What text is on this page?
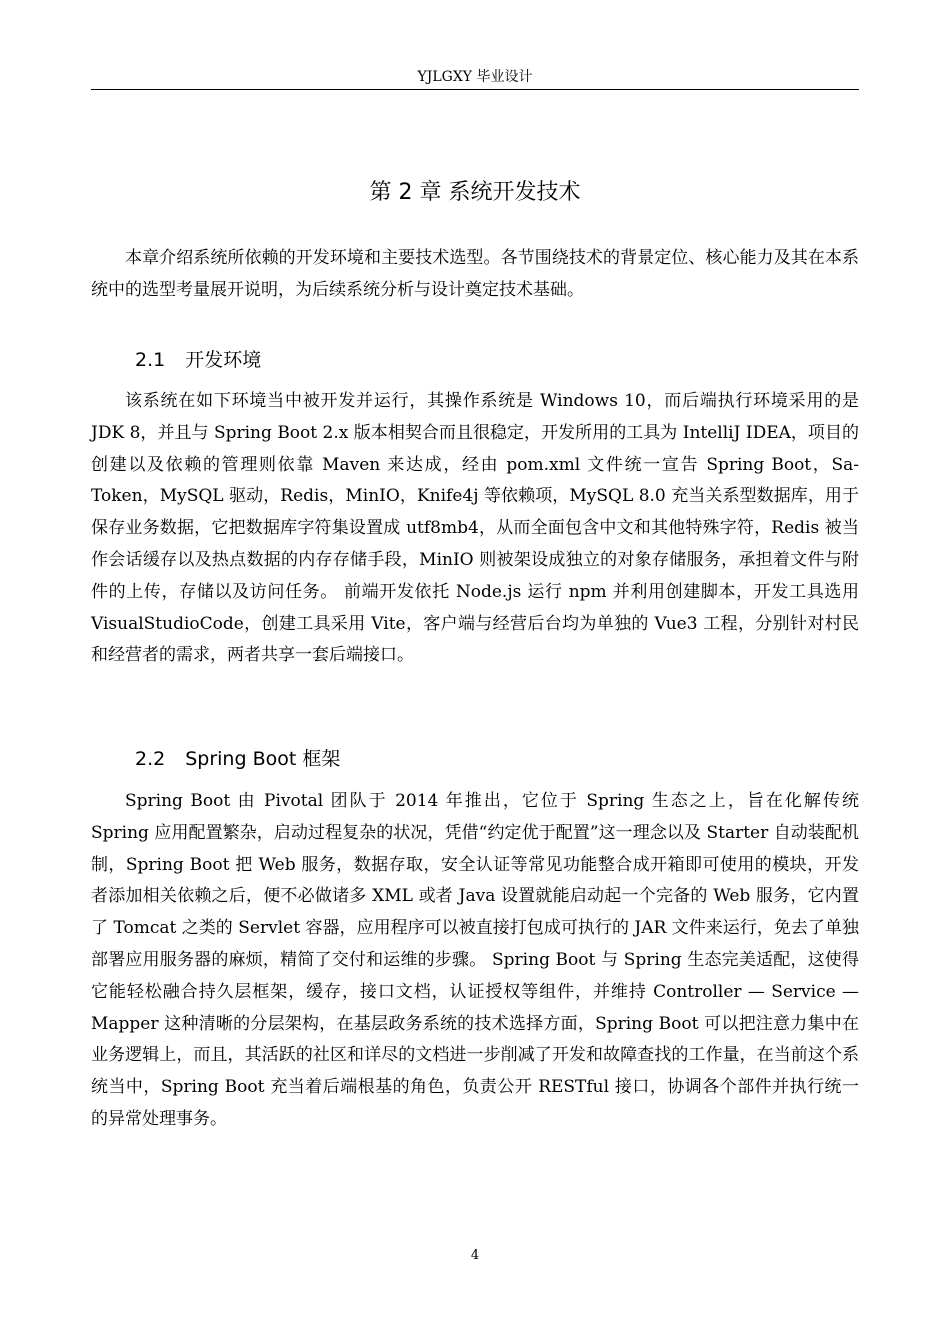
YJLGXY 毕业设计
第 2 章 系统开发技术

本章介绍系统所依赖的开发环境和主要技术选型。各节围绕技术的背景定位、核心能力及其在本系统中的选型考量展开说明，为后续系统分析与设计奠定技术基础。

2.1 开发环境

该系统在如下环境当中被开发并运行，其操作系统是 Windows 10，而后端执行环境采用的是 JDK 8，并且与 Spring Boot 2.x 版本相契合而且很稳定，开发所用的工具为 IntelliJ IDEA，项目的创建以及依赖的管理则依靠 Maven 来达成，经由 pom.xml 文件统一宣告 Spring Boot，Sa-Token，MySQL 驱动，Redis，MinIO，Knife4j 等依赖项，MySQL 8.0 充当关系型数据库，用于保存业务数据，它把数据库字符集设置成 utf8mb4，从而全面包含中文和其他特殊字符，Redis 被当作会话缓存以及热点数据的内存存储手段，MinIO 则被架设成独立的对象存储服务，承担着文件与附件的上传，存储以及访问任务。 前端开发依托 Node.js 运行 npm 并利用创建脚本，开发工具选用 VisualStudioCode，创建工具采用 Vite，客户端与经营后台均为单独的 Vue3 工程，分别针对村民和经营者的需求，两者共享一套后端接口。

2.2 Spring Boot 框架

Spring Boot 由 Pivotal 团队于 2014 年推出，它位于 Spring 生态之上，旨在化解传统 Spring 应用配置繁杂，启动过程复杂的状况，凭借“约定优于配置”这一理念以及 Starter 自动装配机制，Spring Boot 把 Web 服务，数据存取，安全认证等常见功能整合成开箱即可使用的模块，开发者添加相关依赖之后，便不必做诸多 XML 或者 Java 设置就能启动起一个完备的 Web 服务，它内置了 Tomcat 之类的 Servlet 容器，应用程序可以被直接打包成可执行的 JAR 文件来运行，免去了单独部署应用服务器的麻烦，精简了交付和运维的步骤。 Spring Boot 与 Spring 生态完美适配，这使得它能轻松融合持久层框架，缓存，接口文档，认证授权等组件，并维持 Controller — Service — Mapper 这种清晰的分层架构，在基层政务系统的技术选择方面，Spring Boot 可以把注意力集中在业务逻辑上，而且，其活跃的社区和详尽的文档进一步削减了开发和故障查找的工作量，在当前这个系统当中，Spring Boot 充当着后端根基的角色，负责公开 RESTful 接口，协调各个部件并执行统一的异常处理事务。

4
